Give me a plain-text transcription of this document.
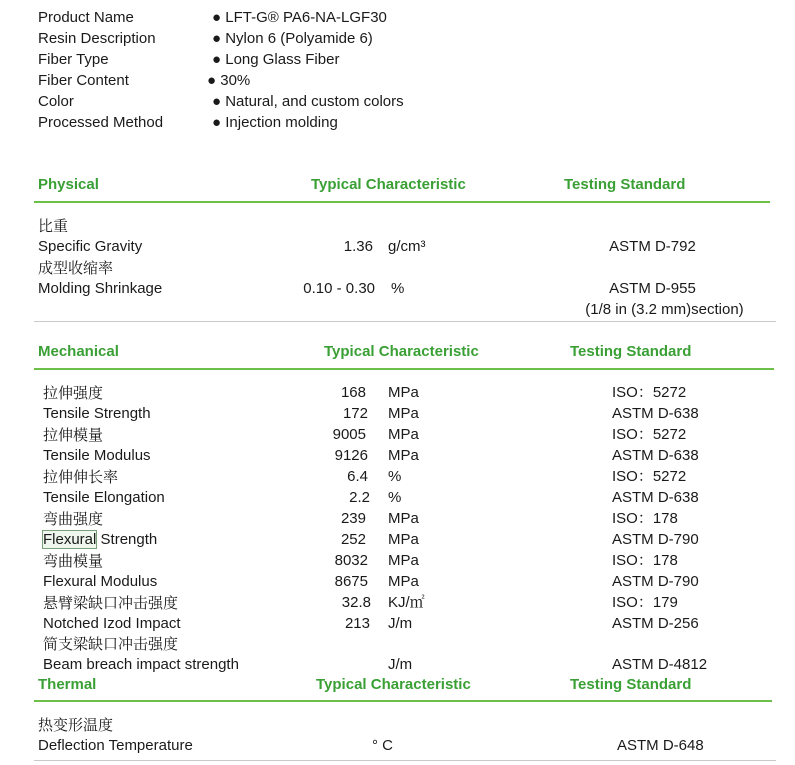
Product Name	● LFT-G® PA6-NA-LGF30
Resin Description	● Nylon 6 (Polyamide 6)
Fiber Type	● Long Glass Fiber
Fiber Content	● 30%
Color	● Natural, and custom colors
Processed Method	● Injection molding
Physical	Typical Characteristic	Testing Standard
比重
Specific Gravity	1.36 g/cm³	ASTM D-792
成型收缩率
Molding Shrinkage	0.10 - 0.30 %	ASTM D-955
(1/8 in (3.2 mm)section)
Mechanical	Typical Characteristic	Testing Standard
拉伸强度	168 MPa	ISO：5272
Tensile Strength	172 MPa	ASTM D-638
拉伸模量	9005 MPa	ISO：5272
Tensile Modulus	9126 MPa	ASTM D-638
拉伸伸长率	6.4 %	ISO：5272
Tensile Elongation	2.2 %	ASTM D-638
弯曲强度	239 MPa	ISO：178
Flexural Strength	252 MPa	ASTM D-790
弯曲模量	8032 MPa	ISO：178
Flexural Modulus	8675 MPa	ASTM D-790
悬臂梁缺口冲击强度	32.8 KJ/㎡	ISO：179
Notched Izod Impact	213 J/m	ASTM D-256
简支梁缺口冲击强度
Beam breach impact strength	J/m	ASTM D-4812
Thermal	Typical Characteristic	Testing Standard
热变形温度
Deflection Temperature	° C	ASTM D-648
